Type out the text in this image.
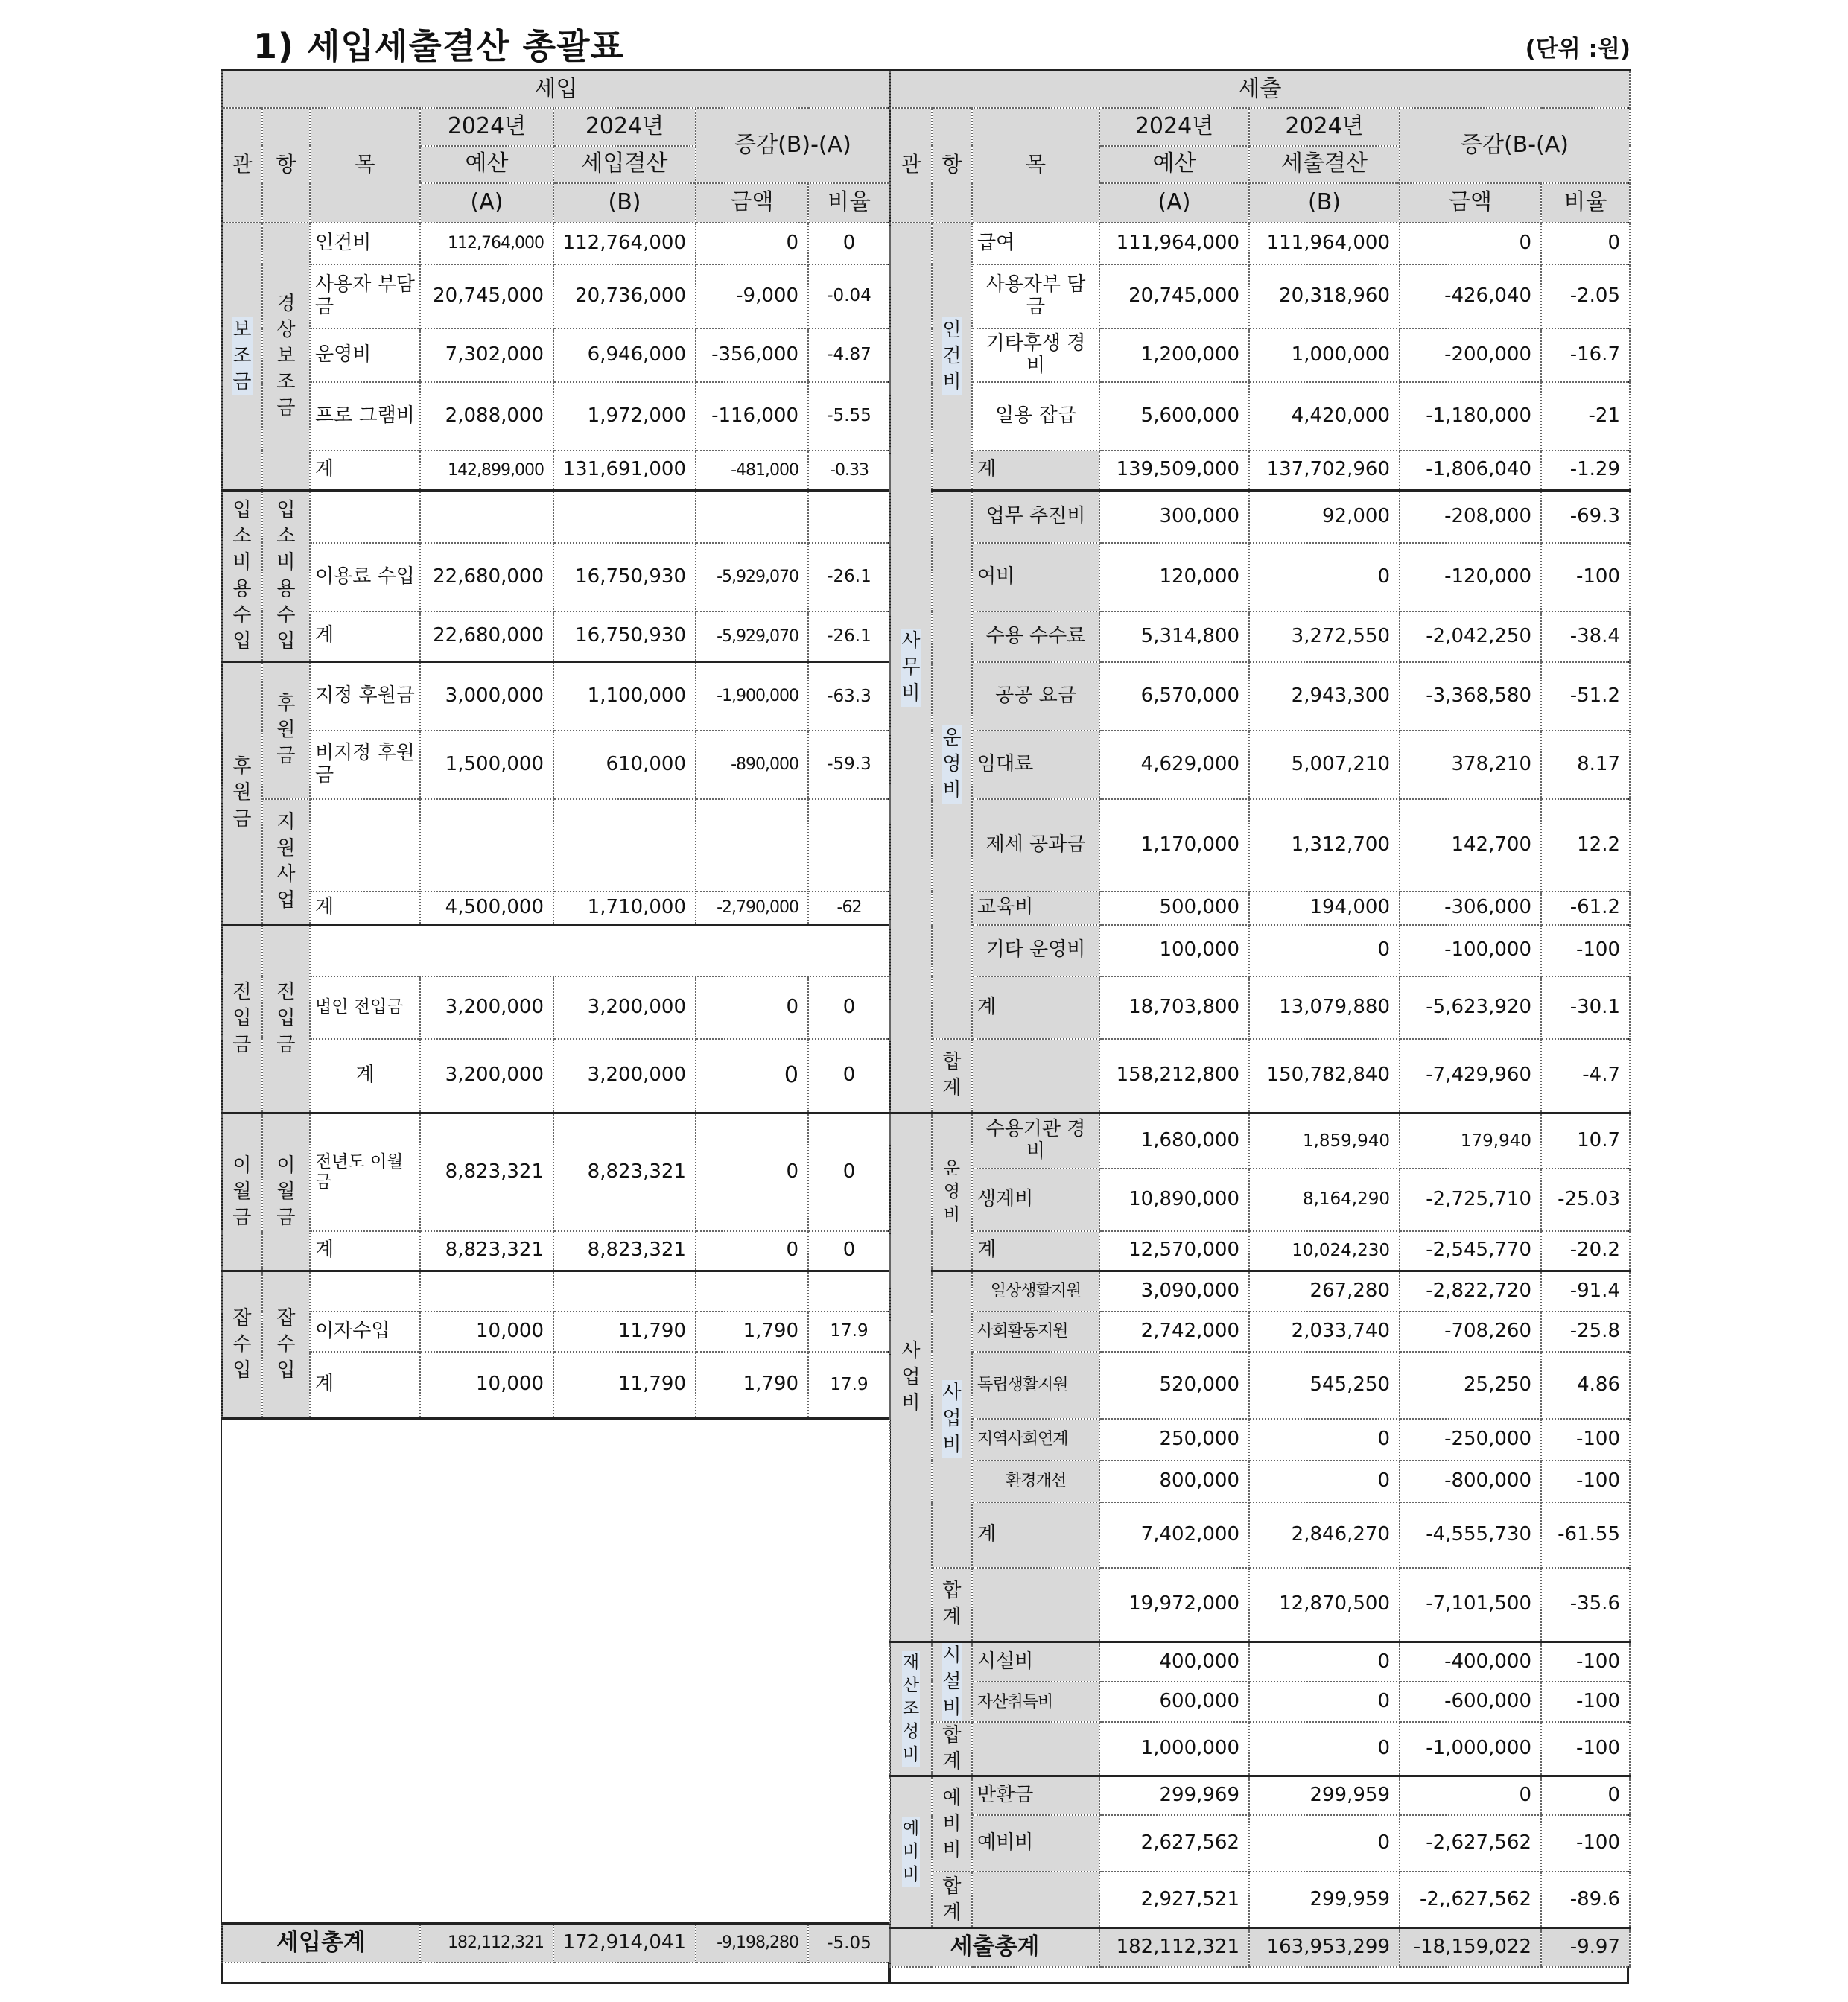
1) 세입세출결산 총괄표	(단위 :원)
세입						
관	항	목	2024년	2024년	증감(B)-(A)	
			예산	세입결산		
			(A)	(B)	금액	비율
보조금	경상보조금	인건비	112,764,000	112,764,000	0	0
		사용자 부담금	20,745,000	20,736,000	-9,000	-0.04
		운영비	7,302,000	6,946,000	-356,000	-4.87
		프로 그램비	2,088,000	1,972,000	-116,000	-5.55
		계	142,899,000	131,691,000	-481,000	-0.33
입소비용수입	입소비용수입					
		이용료 수입	22,680,000	16,750,930	-5,929,070	-26.1
		계	22,680,000	16,750,930	-5,929,070	-26.1
후원금	후원금	지정 후원금	3,000,000	1,100,000	-1,900,000	-63.3
		비지정 후원금	1,500,000	610,000	-890,000	-59.3
	지원사업					

		계	4,500,000	1,710,000	-2,790,000	-62
전입금	전입금					
		법인 전입금	3,200,000	3,200,000	0	0
		계	3,200,000	3,200,000	0	0
이월금	이월금	전년도 이월금	8,823,321	8,823,321	0	0
		계	8,823,321	8,823,321	0	0
잡수입	잡수입					
		이자수입	10,000	11,790	1,790	17.9
		계	10,000	11,790	1,790	17.9

세입총계			182,112,321	172,914,041	-9,198,280	-5.05
세출						
관	항	목	2024년	2024년	증감(B-(A)	
			예산	세출결산		
			(A)	(B)	금액	비율
사무비	인건비	급여	111,964,000	111,964,000	0	0
		사용자부 담금	20,745,000	20,318,960	-426,040	-2.05
		기타후생 경비	1,200,000	1,000,000	-200,000	-16.7
		일용 잡급	5,600,000	4,420,000	-1,180,000	-21
		계	139,509,000	137,702,960	-1,806,040	-1.29
	운영비	업무 추진비	300,000	92,000	-208,000	-69.3
		여비	120,000	0	-120,000	-100
		수용 수수료	5,314,800	3,272,550	-2,042,250	-38.4
		공공 요금	6,570,000	2,943,300	-3,368,580	-51.2
		임대료	4,629,000	5,007,210	378,210	8.17
		제세 공과금	1,170,000	1,312,700	142,700	12.2
		교육비	500,000	194,000	-306,000	-61.2
		기타 운영비	100,000	0	-100,000	-100
		계	18,703,800	13,079,880	-5,623,920	-30.1
	합계		158,212,800	150,782,840	-7,429,960	-4.7
사업비	운영비	수용기관 경비	1,680,000	1,859,940	179,940	10.7
		생계비	10,890,000	8,164,290	-2,725,710	-25.03
		계	12,570,000	10,024,230	-2,545,770	-20.2
	사업비	일상생활지원	3,090,000	267,280	-2,822,720	-91.4
		사회활동지원	2,742,000	2,033,740	-708,260	-25.8
		독립생활지원	520,000	545,250	25,250	4.86
		지역사회연계	250,000	0	-250,000	-100
		환경개선	800,000	0	-800,000	-100
		계	7,402,000	2,846,270	-4,555,730	-61.55
	합계		19,972,000	12,870,500	-7,101,500	-35.6
재산조성비	시설비	시설비	400,000	0	-400,000	-100
		자산취득비	600,000	0	-600,000	-100
	합계		1,000,000	0	-1,000,000	-100
예비비	예비비	반환금	299,969	299,959	0	0
		예비비	2,627,562	0	-2,627,562	-100
	합계		2,927,521	299,959	-2,,627,562	-89.6
세출총계			182,112,321	163,953,299	-18,159,022	-9.97
